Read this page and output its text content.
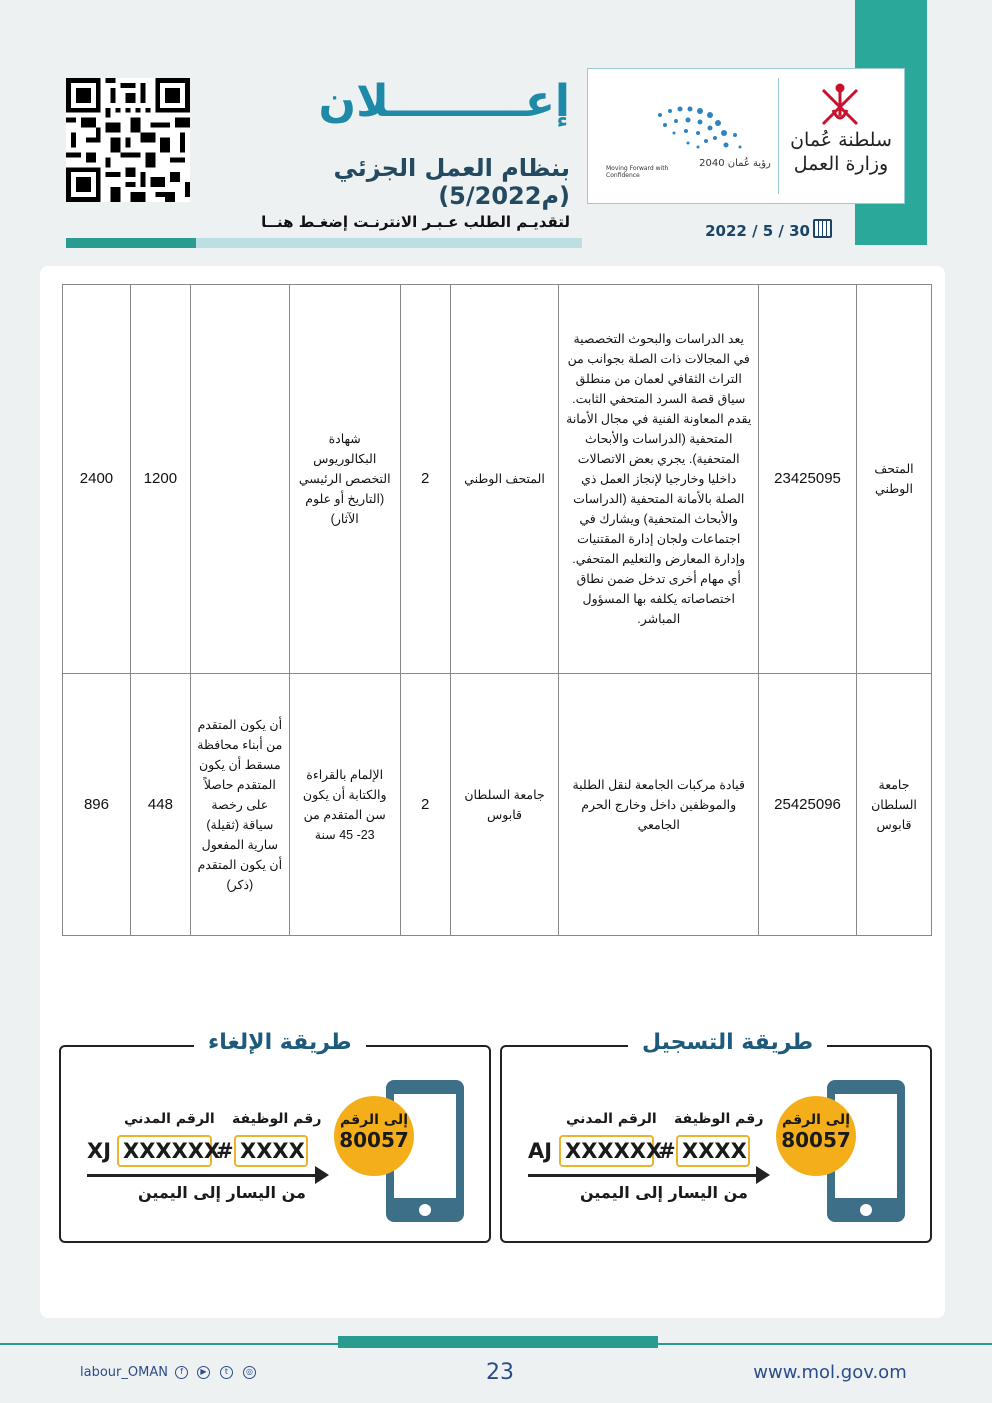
سلطنة عُمان
وزارة العمل
رؤية عُمان 2040
Moving Forward with Confidence
إعـــــــــلان
بنظام العمل الجزئي (م5/2022)
لتقديـم الطلب عـبـر الانترنـت إضغـط هنــا	2022 / 5 / 30
2400	1200		شهادة البكالوريوس التخصص الرئيسي (التاريخ أو علوم الآثار)	2	المتحف الوطني	يعد الدراسات والبحوث التخصصية في المجالات ذات الصلة بجوانب من التراث الثقافي لعمان من منطلق سياق قصة السرد المتحفي الثابت. يقدم المعاونة الفنية في مجال الأمانة المتحفية (الدراسات والأبحاث المتحفية). يجري بعض الاتصالات داخليا وخارجيا لإنجاز العمل ذي الصلة بالأمانة المتحفية (الدراسات والأبحاث المتحفية) ويشارك في اجتماعات ولجان إدارة المقتنيات وإدارة المعارض والتعليم المتحفي. أي مهام أخرى تدخل ضمن نطاق اختصاصاته يكلفه بها المسؤول المباشر.	23425095	المتحف الوطني
896	448	أن يكون المتقدم من أبناء محافظة مسقط أن يكون المتقدم حاصلاً على رخصة سياقة (ثقيلة) سارية المفعول أن يكون المتقدم (ذكر)	الإلمام بالقراءة والكتابة أن يكون سن المتقدم من 23- 45 سنة	2	جامعة السلطان قابوس	قيادة مركبات الجامعة لنقل الطلبة والموظفين داخل وخارج الحرم الجامعي	25425096	جامعة السلطان قابوس
طريقة الإلغاء
إلى الرقم
80057
رقم الوظيفة
الرقم المدني
XJ XXXXXX
# XXXX
من اليسار إلى اليمين
طريقة التسجيل
إلى الرقم
80057
رقم الوظيفة
الرقم المدني
AJ XXXXXX
# XXXX
من اليسار إلى اليمين
labour_OMAN	f	▶	t	◎	23	www.mol.gov.om
